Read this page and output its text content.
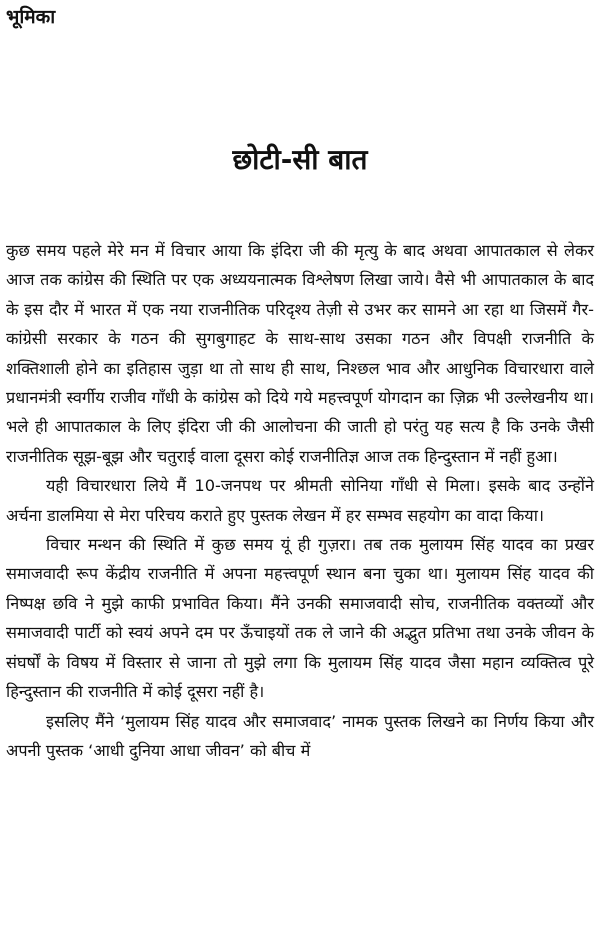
भूमिका
छोटी-सी बात

कुछ समय पहले मेरे मन में विचार आया कि इंदिरा जी की मृत्यु के बाद अथवा आपातकाल से लेकर आज तक कांग्रेस की स्थिति पर एक अध्ययनात्मक विश्लेषण लिखा जाये। वैसे भी आपातकाल के बाद के इस दौर में भारत में एक नया राजनीतिक परिदृश्य तेज़ी से उभर कर सामने आ रहा था जिसमें गैर-कांग्रेसी सरकार के गठन की सुगबुगाहट के साथ-साथ उसका गठन और विपक्षी राजनीति के शक्तिशाली होने का इतिहास जुड़ा था तो साथ ही साथ, निश्छल भाव और आधुनिक विचारधारा वाले प्रधानमंत्री स्वर्गीय राजीव गाँधी के कांग्रेस को दिये गये महत्त्वपूर्ण योगदान का ज़िक्र भी उल्लेखनीय था। भले ही आपातकाल के लिए इंदिरा जी की आलोचना की जाती हो परंतु यह सत्य है कि उनके जैसी राजनीतिक सूझ-बूझ और चतुराई वाला दूसरा कोई राजनीतिज्ञ आज तक हिन्दुस्तान में नहीं हुआ।

यही विचारधारा लिये मैं 10-जनपथ पर श्रीमती सोनिया गाँधी से मिला। इसके बाद उन्होंने अर्चना डालमिया से मेरा परिचय कराते हुए पुस्तक लेखन में हर सम्भव सहयोग का वादा किया।

विचार मन्थन की स्थिति में कुछ समय यूं ही गुज़रा। तब तक मुलायम सिंह यादव का प्रखर समाजवादी रूप केंद्रीय राजनीति में अपना महत्त्वपूर्ण स्थान बना चुका था। मुलायम सिंह यादव की निष्पक्ष छवि ने मुझे काफी प्रभावित किया। मैंने उनकी समाजवादी सोच, राजनीतिक वक्तव्यों और समाजवादी पार्टी को स्वयं अपने दम पर ऊँचाइयों तक ले जाने की अद्भुत प्रतिभा तथा उनके जीवन के संघर्षों के विषय में विस्तार से जाना तो मुझे लगा कि मुलायम सिंह यादव जैसा महान व्यक्तित्व पूरे हिन्दुस्तान की राजनीति में कोई दूसरा नहीं है।

इसलिए मैंने ‘मुलायम सिंह यादव और समाजवाद’ नामक पुस्तक लिखने का निर्णय किया और अपनी पुस्तक ‘आधी दुनिया आधा जीवन’ को बीच में
